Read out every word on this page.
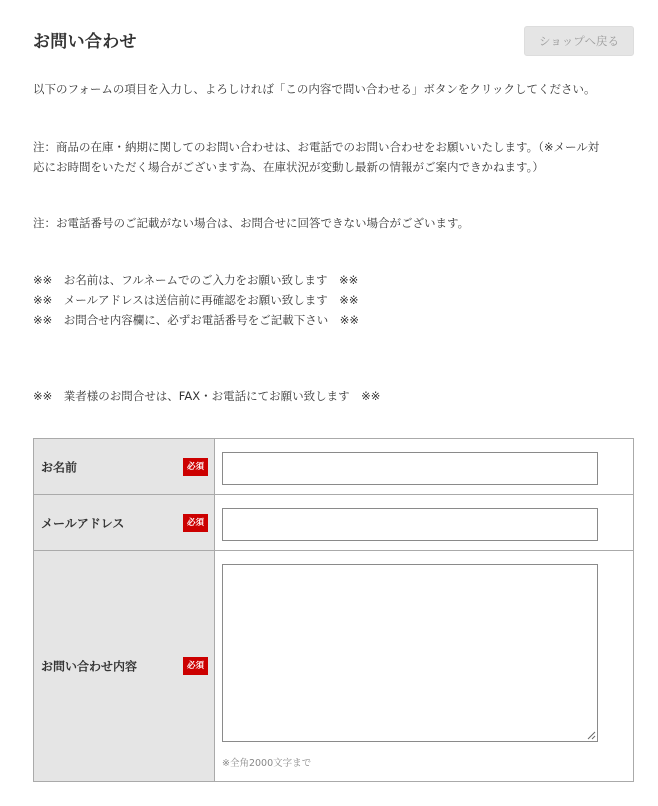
お問い合わせ	ショップへ戻る
以下のフォームの項目を入力し、よろしければ「この内容で問い合わせる」ボタンをクリックしてください。
注：商品の在庫・納期に関してのお問い合わせは、お電話でのお問い合わせをお願いいたします。（※メール対
応にお時間をいただく場合がございます為、在庫状況が変動し最新の情報がご案内できかねます。）
注：お電話番号のご記載がない場合は、お問合せに回答できない場合がございます。
※※　お名前は、フルネームでのご入力をお願い致します　※※
※※　メールアドレスは送信前に再確認をお願い致します　※※
※※　お問合せ内容欄に、必ずお電話番号をご記載下さい　※※
※※　業者様のお問合せは、FAX・お電話にてお願い致します　※※
お名前	必須
メールアドレス	必須
お問い合わせ内容	必須
※全角2000文字まで
